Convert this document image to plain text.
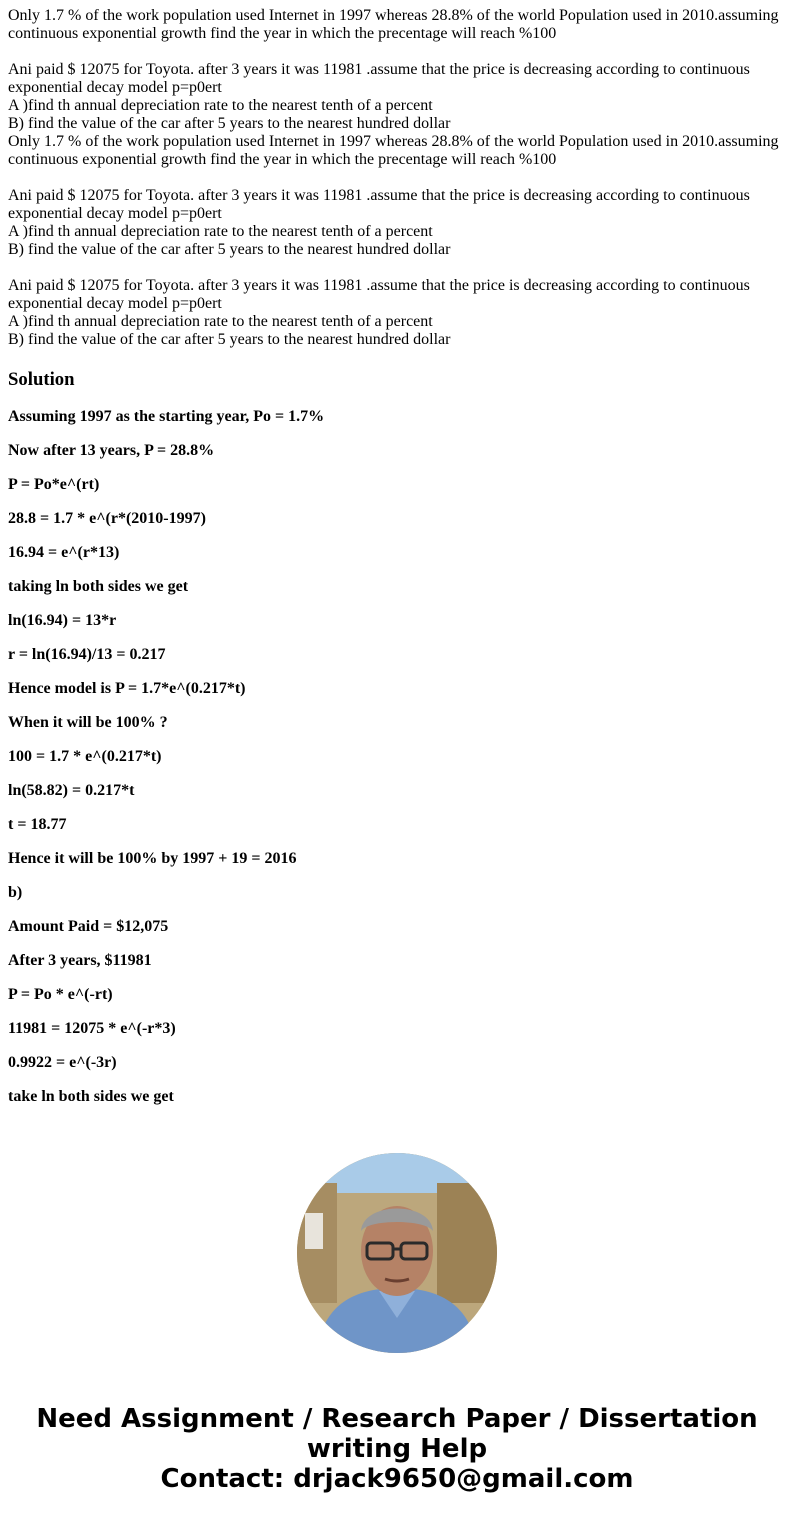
Only 1.7 % of the work population used Internet in 1997 whereas 28.8% of the world Population used in 2010.assuming continuous exponential growth find the year in which the precentage will reach %100

Ani paid $ 12075 for Toyota. after 3 years it was 11981 .assume that the price is decreasing according to continuous exponential decay model p=p0ert

A )find th annual depreciation rate to the nearest tenth of a percent

B) find the value of the car after 5 years to the nearest hundred dollar

Only 1.7 % of the work population used Internet in 1997 whereas 28.8% of the world Population used in 2010.assuming continuous exponential growth find the year in which the precentage will reach %100

Ani paid $ 12075 for Toyota. after 3 years it was 11981 .assume that the price is decreasing according to continuous exponential decay model p=p0ert

A )find th annual depreciation rate to the nearest tenth of a percent

B) find the value of the car after 5 years to the nearest hundred dollar

Ani paid $ 12075 for Toyota. after 3 years it was 11981 .assume that the price is decreasing according to continuous exponential decay model p=p0ert

A )find th annual depreciation rate to the nearest tenth of a percent

B) find the value of the car after 5 years to the nearest hundred dollar

Solution

Assuming 1997 as the starting year, Po = 1.7%

Now after 13 years, P = 28.8%

P = Po*e^(rt)

28.8 = 1.7 * e^(r*(2010-1997)

16.94 = e^(r*13)

taking ln both sides we get

ln(16.94) = 13*r

r = ln(16.94)/13 = 0.217

Hence model is P = 1.7*e^(0.217*t)

When it will be 100% ?

100 = 1.7 * e^(0.217*t)

ln(58.82) = 0.217*t

t = 18.77

Hence it will be 100% by 1997 + 19 = 2016

b)

Amount Paid = $12,075

After 3 years, $11981

P = Po * e^(-rt)

11981 = 12075 * e^(-r*3)

0.9922 = e^(-3r)

take ln both sides we get

Need Assignment / Research Paper / Dissertation
writing Help
Contact: drjack9650@gmail.com
